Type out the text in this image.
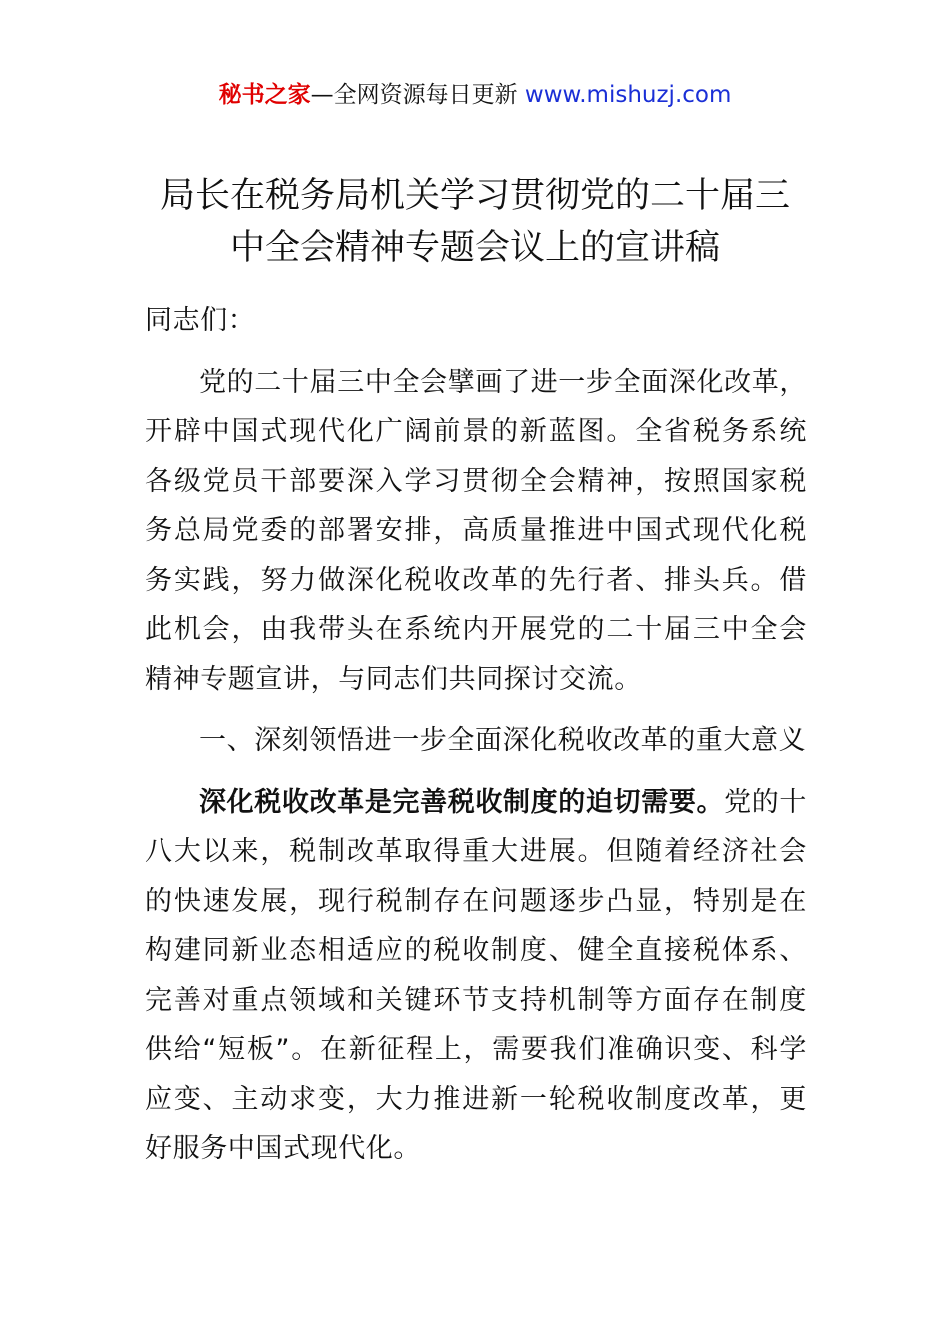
秘书之家—全网资源每日更新 www.mishuzj.com
局长在税务局机关学习贯彻党的二十届三
中全会精神专题会议上的宣讲稿

同志们：

党的二十届三中全会擘画了进一步全面深化改革，开辟中国式现代化广阔前景的新蓝图。全省税务系统各级党员干部要深入学习贯彻全会精神，按照国家税务总局党委的部署安排，高质量推进中国式现代化税务实践，努力做深化税收改革的先行者、排头兵。借此机会，由我带头在系统内开展党的二十届三中全会精神专题宣讲，与同志们共同探讨交流。

一、深刻领悟进一步全面深化税收改革的重大意义

深化税收改革是完善税收制度的迫切需要。党的十八大以来，税制改革取得重大进展。但随着经济社会的快速发展，现行税制存在问题逐步凸显，特别是在构建同新业态相适应的税收制度、健全直接税体系、完善对重点领域和关键环节支持机制等方面存在制度供给“短板”。在新征程上，需要我们准确识变、科学应变、主动求变，大力推进新一轮税收制度改革，更好服务中国式现代化。
